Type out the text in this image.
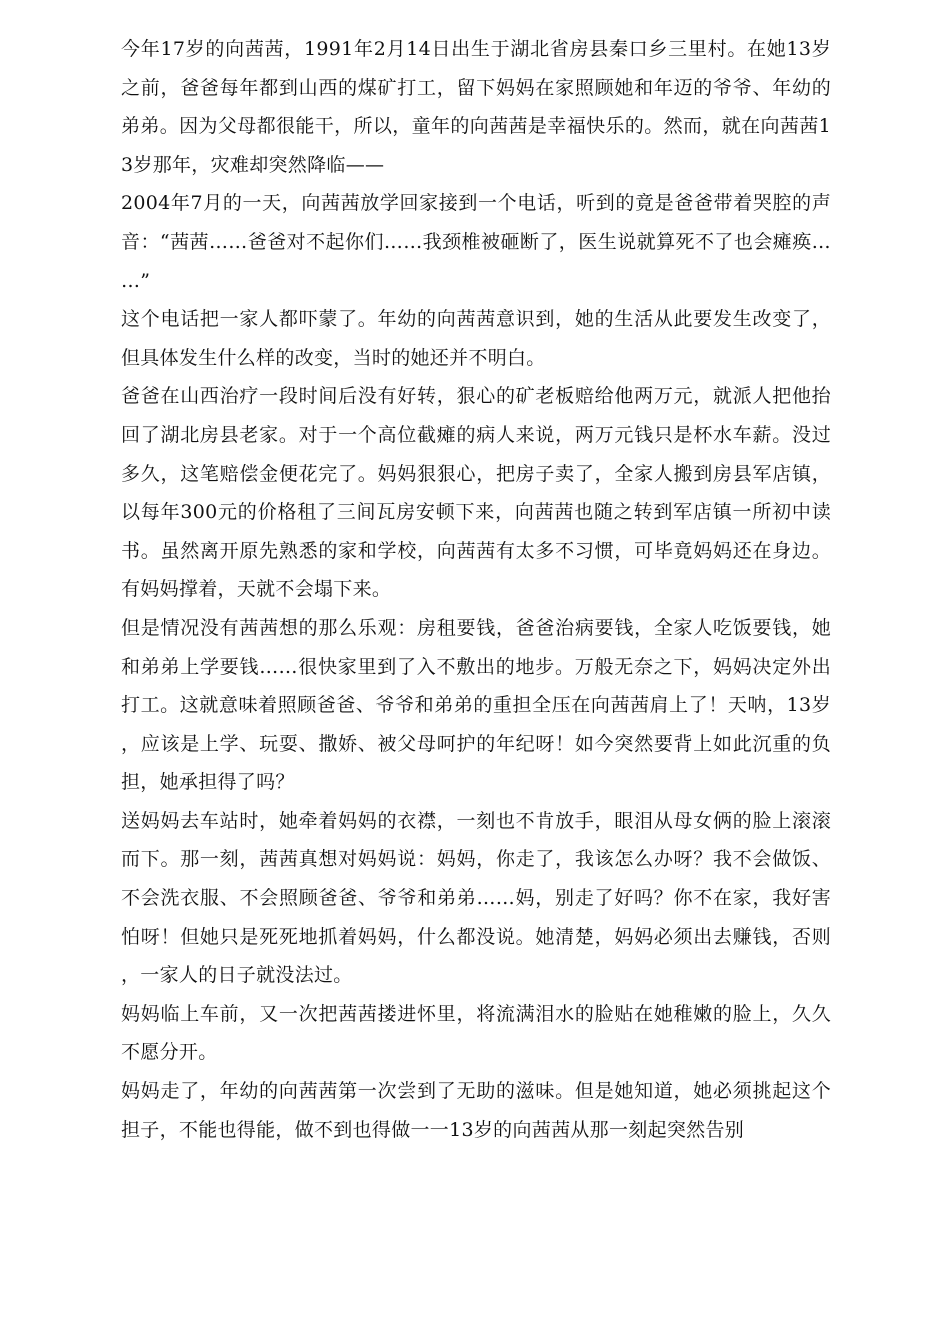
今年17岁的向茜茜，1991年2月14日出生于湖北省房县秦口乡三里村。在她13岁之前，爸爸每年都到山西的煤矿打工，留下妈妈在家照顾她和年迈的爷爷、年幼的弟弟。因为父母都很能干，所以，童年的向茜茜是幸福快乐的。然而，就在向茜茜13岁那年，灾难却突然降临——

2004年7月的一天，向茜茜放学回家接到一个电话，听到的竟是爸爸带着哭腔的声音：“茜茜……爸爸对不起你们……我颈椎被砸断了，医生说就算死不了也会瘫痪……”

这个电话把一家人都吓蒙了。年幼的向茜茜意识到，她的生活从此要发生改变了，但具体发生什么样的改变，当时的她还并不明白。

爸爸在山西治疗一段时间后没有好转，狠心的矿老板赔给他两万元，就派人把他抬回了湖北房县老家。对于一个高位截瘫的病人来说，两万元钱只是杯水车薪。没过多久，这笔赔偿金便花完了。妈妈狠狠心，把房子卖了，全家人搬到房县军店镇，以每年300元的价格租了三间瓦房安顿下来，向茜茜也随之转到军店镇一所初中读书。虽然离开原先熟悉的家和学校，向茜茜有太多不习惯，可毕竟妈妈还在身边。有妈妈撑着，天就不会塌下来。

但是情况没有茜茜想的那么乐观：房租要钱，爸爸治病要钱，全家人吃饭要钱，她和弟弟上学要钱……很快家里到了入不敷出的地步。万般无奈之下，妈妈决定外出打工。这就意味着照顾爸爸、爷爷和弟弟的重担全压在向茜茜肩上了！天呐，13岁，应该是上学、玩耍、撒娇、被父母呵护的年纪呀！如今突然要背上如此沉重的负担，她承担得了吗？

送妈妈去车站时，她牵着妈妈的衣襟，一刻也不肯放手，眼泪从母女俩的脸上滚滚而下。那一刻，茜茜真想对妈妈说：妈妈，你走了，我该怎么办呀？我不会做饭、不会洗衣服、不会照顾爸爸、爷爷和弟弟……妈，别走了好吗？你不在家，我好害怕呀！但她只是死死地抓着妈妈，什么都没说。她清楚，妈妈必须出去赚钱，否则，一家人的日子就没法过。

妈妈临上车前，又一次把茜茜搂进怀里，将流满泪水的脸贴在她稚嫩的脸上，久久不愿分开。

妈妈走了，年幼的向茜茜第一次尝到了无助的滋味。但是她知道，她必须挑起这个担子，不能也得能，做不到也得做一一13岁的向茜茜从那一刻起突然告别
